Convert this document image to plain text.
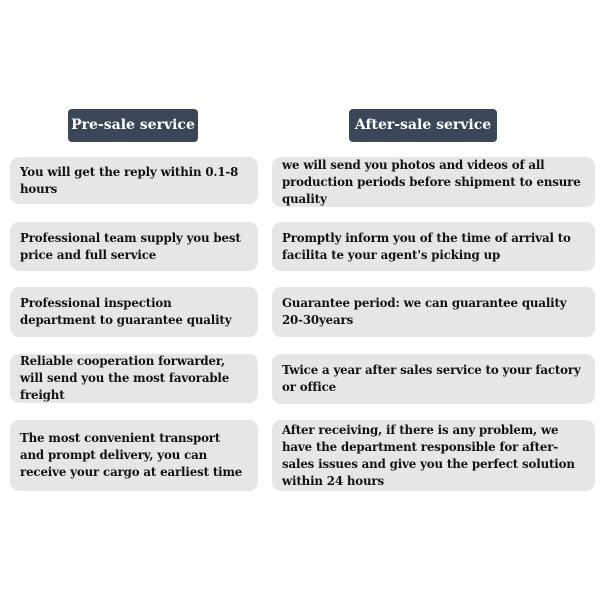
Pre-sale service	After-sale service
You will get the reply within 0.1-8 hours
Professional team supply you best price and full service
Professional inspection department to guarantee quality
Reliable cooperation forwarder, will send you the most favorable freight
The most convenient transport and prompt delivery, you can receive your cargo at earliest time
we will send you photos and videos of all production periods before shipment to ensure quality
Promptly inform you of the time of arrival to facilita te your agent's picking up
Guarantee period: we can guarantee quality 20-30years
Twice a year after sales service to your factory or office
After receiving, if there is any problem, we have the department responsible for after- sales issues and give you the perfect solution within 24 hours
